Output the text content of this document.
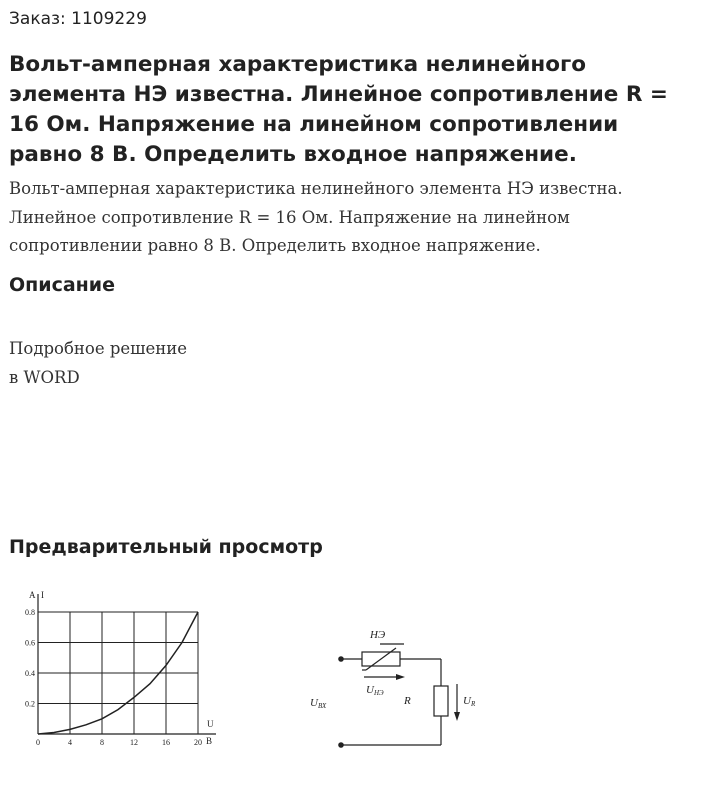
Заказ: 1109229
Вольт-амперная характеристика нелинейного элемента НЭ известна. Линейное сопротивление R = 16 Ом. Напряжение на линейном сопротивлении равно 8 В. Определить входное напряжение.
Вольт-амперная характеристика нелинейного элемента НЭ известна. Линейное сопротивление R = 16 Ом. Напряжение на линейном сопротивлении равно 8 В. Определить входное напряжение.
Описание
Подробное решение
в WORD
Предварительный просмотр
А I
U
В
0	4	8	12	16	20
0.2
0.4
0.6
0.8
НЭ
UНЭ
R
UВХ	UR
